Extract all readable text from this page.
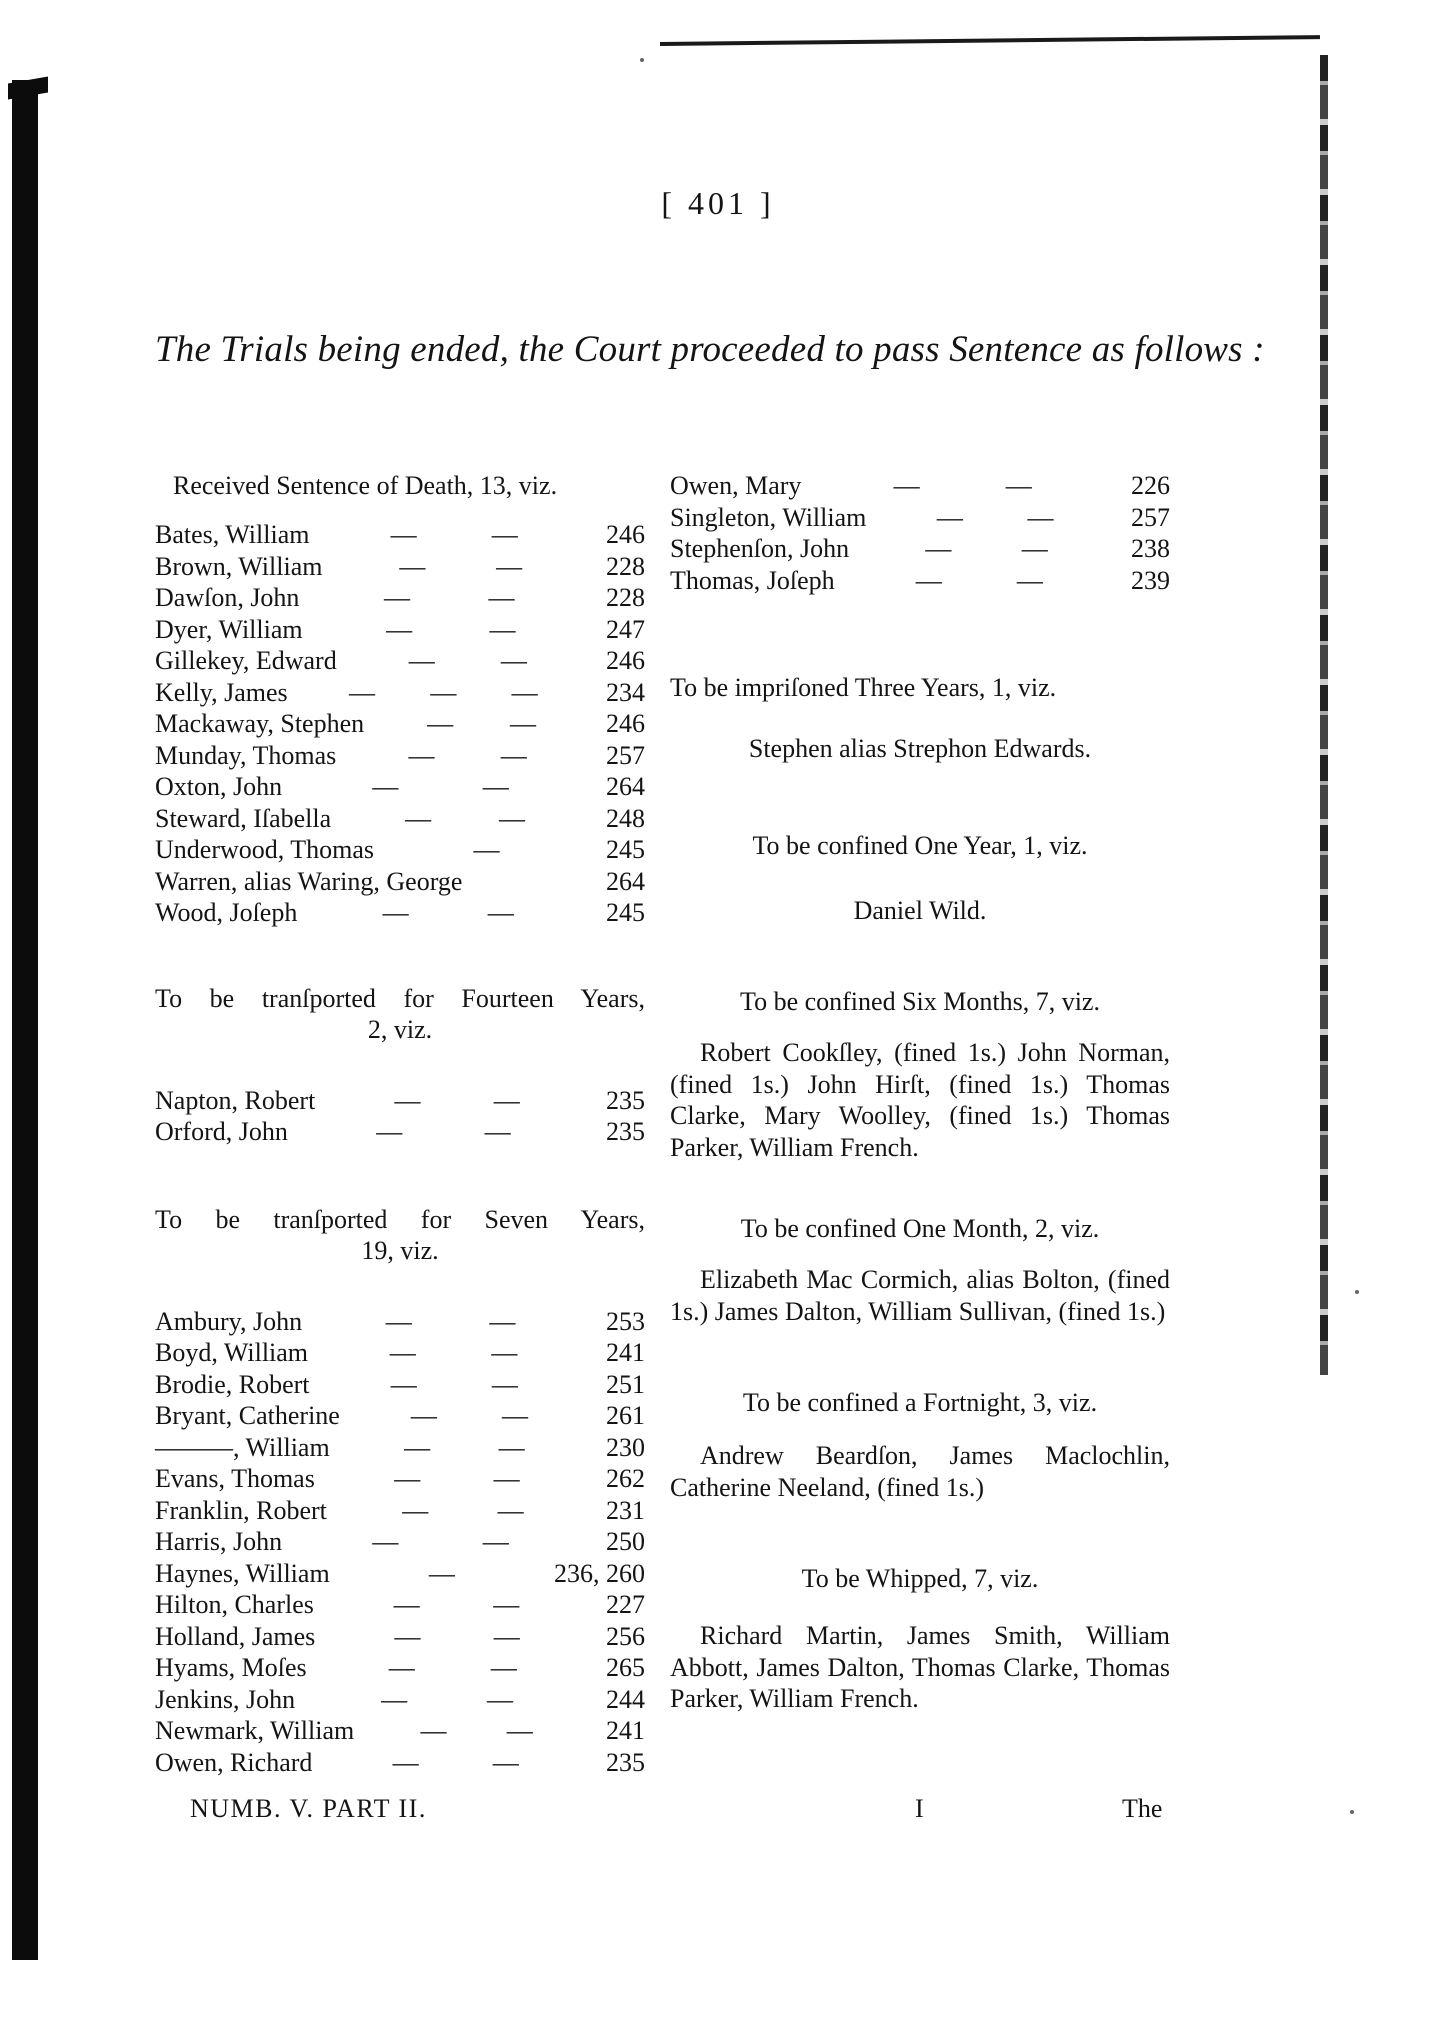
[ 401 ]
The Trials being ended, the Court proceeded to pass Sentence as follows :
Received Sentence of Death, 13, viz.
Bates, William	—	—	246
Brown, William	—	—	228
Dawſon, John	—	—	228
Dyer, William	—	—	247
Gillekey, Edward	—	—	246
Kelly, James — — —	234
Mackaway, Stephen — —	246
Munday, Thomas	—	—	257
Oxton, John	—	—	264
Steward, Iſabella	—	—	248
Underwood, Thomas	—	245
Warren, alias Waring, George	264
Wood, Joſeph	—	—	245
To be tranſported for Fourteen Years,
2, viz.
Napton, Robert	—	—	235
Orford, John	—	—	235
To be tranſported for Seven Years,
19, viz.
Ambury, John	—	—	253
Boyd, William	—	—	241
Brodie, Robert	—	—	251
Bryant, Catherine	—	—	261
———, William	—	—	230
Evans, Thomas	—	—	262
Franklin, Robert	—	—	231
Harris, John	—	—	250
Haynes, William	—	236, 260
Hilton, Charles	—	—	227
Holland, James	—	—	256
Hyams, Moſes	—	—	265
Jenkins, John	—	—	244
Newmark, William	— —	241
Owen, Richard	—	—	235
Owen, Mary	—	—	226
Singleton, William	— —	257
Stephenſon, John	—	—	238
Thomas, Joſeph	—	—	239
To be impriſoned Three Years, 1, viz.
Stephen alias Strephon Edwards.
To be confined One Year, 1, viz.
Daniel Wild.
To be confined Six Months, 7, viz.
Robert Cookſley, (fined 1s.) John Norman, (fined 1s.) John Hirſt, (fined 1s.) Thomas Clarke, Mary Woolley, (fined 1s.) Thomas Parker, William French.
To be confined One Month, 2, viz.
Elizabeth Mac Cormich, alias Bolton, (fined 1s.) James Dalton, William Sullivan, (fined 1s.)
To be confined a Fortnight, 3, viz.
Andrew Beardſon, James Maclochlin, Catherine Neeland, (fined 1s.)
To be Whipped, 7, viz.
Richard Martin, James Smith, William Abbott, James Dalton, Thomas Clarke, Thomas Parker, William French.
NUMB. V. PART II.	I	The
